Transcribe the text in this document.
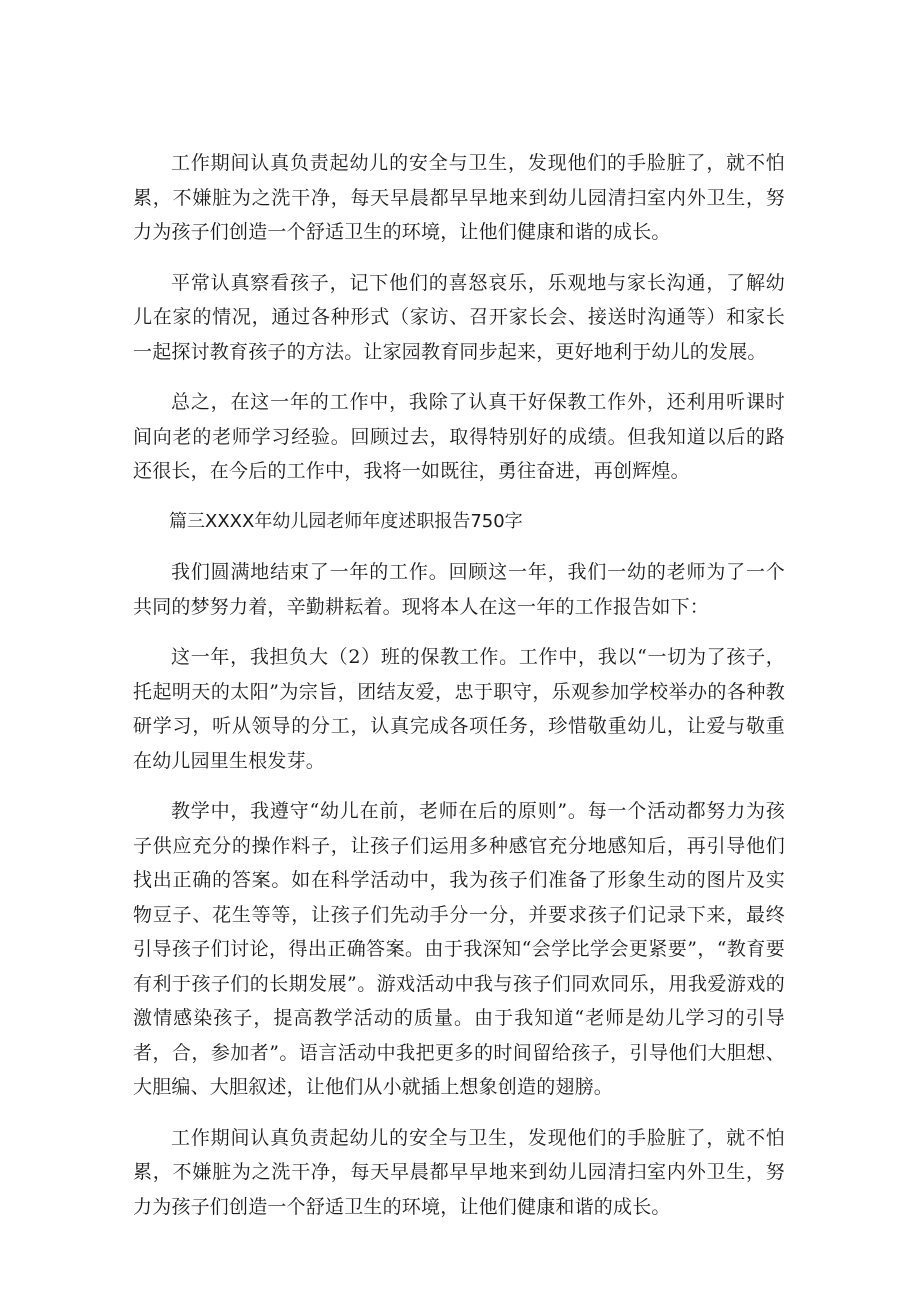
工作期间认真负责起幼儿的安全与卫生，发现他们的手脸脏了，就不怕累，不嫌脏为之洗干净，每天早晨都早早地来到幼儿园清扫室内外卫生，努力为孩子们创造一个舒适卫生的环境，让他们健康和谐的成长。

平常认真察看孩子，记下他们的喜怒哀乐，乐观地与家长沟通，了解幼儿在家的情况，通过各种形式（家访、召开家长会、接送时沟通等）和家长一起探讨教育孩子的方法。让家园教育同步起来，更好地利于幼儿的发展。

总之，在这一年的工作中，我除了认真干好保教工作外，还利用听课时间向老的老师学习经验。回顾过去，取得特别好的成绩。但我知道以后的路还很长，在今后的工作中，我将一如既往，勇往奋进，再创辉煌。

篇三XXXX年幼儿园老师年度述职报告750字

我们圆满地结束了一年的工作。回顾这一年，我们一幼的老师为了一个共同的梦努力着，辛勤耕耘着。现将本人在这一年的工作报告如下：

这一年，我担负大（2）班的保教工作。工作中，我以“一切为了孩子，托起明天的太阳”为宗旨，团结友爱，忠于职守，乐观参加学校举办的各种教研学习，听从领导的分工，认真完成各项任务，珍惜敬重幼儿，让爱与敬重在幼儿园里生根发芽。

教学中，我遵守“幼儿在前，老师在后的原则”。每一个活动都努力为孩子供应充分的操作料子，让孩子们运用多种感官充分地感知后，再引导他们找出正确的答案。如在科学活动中，我为孩子们准备了形象生动的图片及实物豆子、花生等等，让孩子们先动手分一分，并要求孩子们记录下来，最终引导孩子们讨论，得出正确答案。由于我深知“会学比学会更紧要”，“教育要有利于孩子们的长期发展”。游戏活动中我与孩子们同欢同乐，用我爱游戏的激情感染孩子，提高教学活动的质量。由于我知道“老师是幼儿学习的引导者，合，参加者”。语言活动中我把更多的时间留给孩子，引导他们大胆想、大胆编、大胆叙述，让他们从小就插上想象创造的翅膀。

工作期间认真负责起幼儿的安全与卫生，发现他们的手脸脏了，就不怕累，不嫌脏为之洗干净，每天早晨都早早地来到幼儿园清扫室内外卫生，努力为孩子们创造一个舒适卫生的环境，让他们健康和谐的成长。
